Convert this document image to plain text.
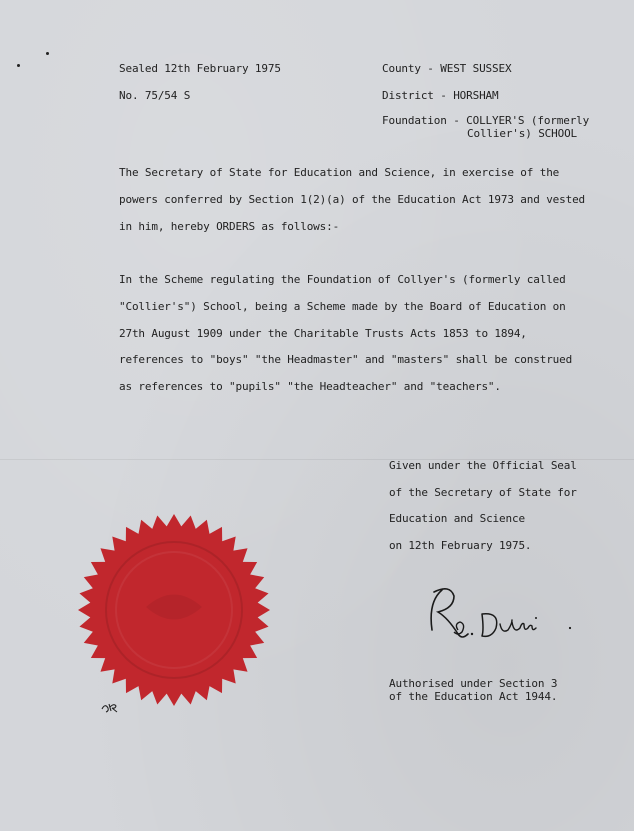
Sealed 12th February 1975
No. 75/54 S
County - WEST SUSSEX
District - HORSHAM
Foundation - COLLYER'S (formerly
Collier's) SCHOOL
The Secretary of State for Education and Science, in exercise of the
powers conferred by Section 1(2)(a) of the Education Act 1973 and vested
in him, hereby ORDERS as follows:-
In the Scheme regulating the Foundation of Collyer's (formerly called
"Collier's") School, being a Scheme made by the Board of Education on
27th August 1909 under the Charitable Trusts Acts 1853 to 1894,
references to "boys" "the Headmaster" and "masters" shall be construed
as references to "pupils" "the Headteacher" and "teachers".
Given under the Official Seal
of the Secretary of State for
Education and Science
on 12th February 1975.
Authorised under Section 3
of the Education Act 1944.
